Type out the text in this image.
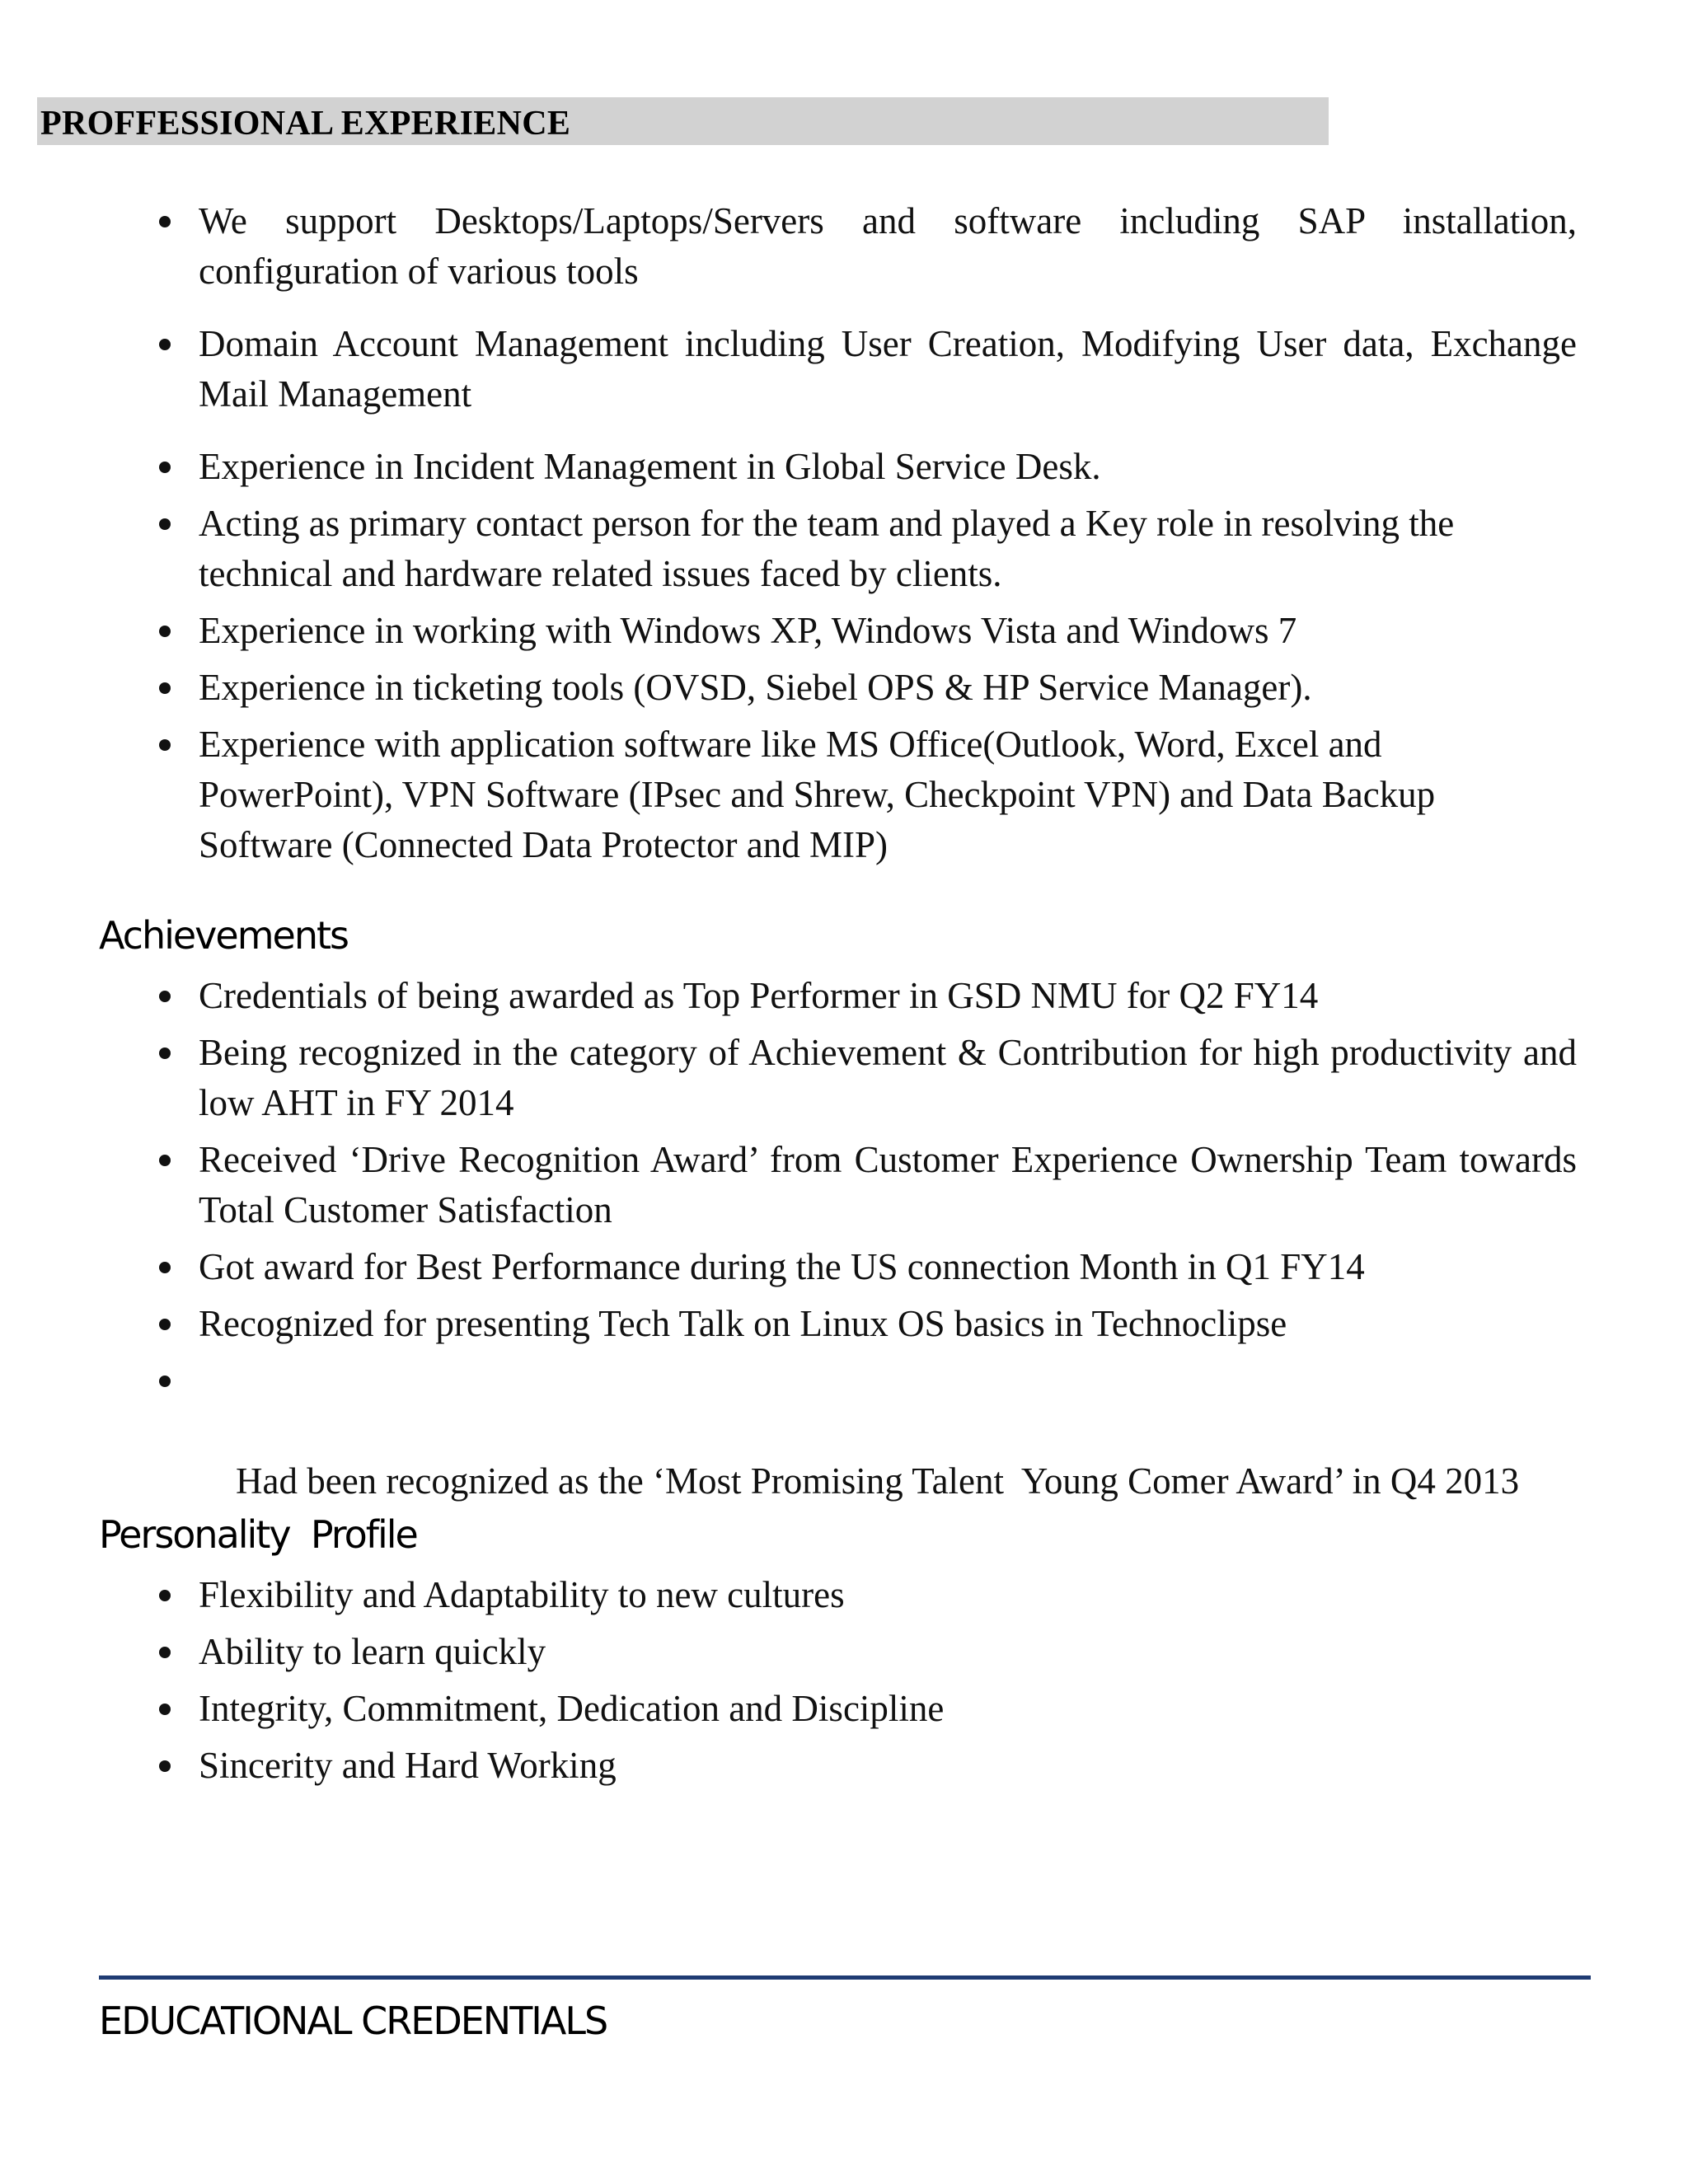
PROFFESSIONAL EXPERIENCE
We support Desktops/Laptops/Servers and software including SAP installation, configuration of various tools
Domain Account Management including User Creation, Modifying User data, Exchange Mail Management
Experience in Incident Management in Global Service Desk.
Acting as primary contact person for the team and played a Key role in resolving the technical and hardware related issues faced by clients.
Experience in working with Windows XP, Windows Vista and Windows 7
Experience in ticketing tools (OVSD, Siebel OPS & HP Service Manager).
Experience with application software like MS Office(Outlook, Word, Excel and PowerPoint), VPN Software (IPsec and Shrew, Checkpoint VPN) and Data Backup Software (Connected Data Protector and MIP)
Achievements
Credentials of being awarded as Top Performer in GSD NMU for Q2 FY14
Being recognized in the category of Achievement & Contribution for high productivity and low AHT in FY 2014
Received ‘Drive Recognition Award’ from Customer Experience Ownership Team towards Total Customer Satisfaction
Got award for Best Performance during the US connection Month in Q1 FY14
Recognized for presenting Tech Talk on Linux OS basics in Technoclipse

Had been recognized as the ‘Most Promising Talent  Young Comer Award’ in Q4 2013

Personality  Profile
Flexibility and Adaptability to new cultures
Ability to learn quickly
Integrity, Commitment, Dedication and Discipline
Sincerity and Hard Working
EDUCATIONAL CREDENTIALS
